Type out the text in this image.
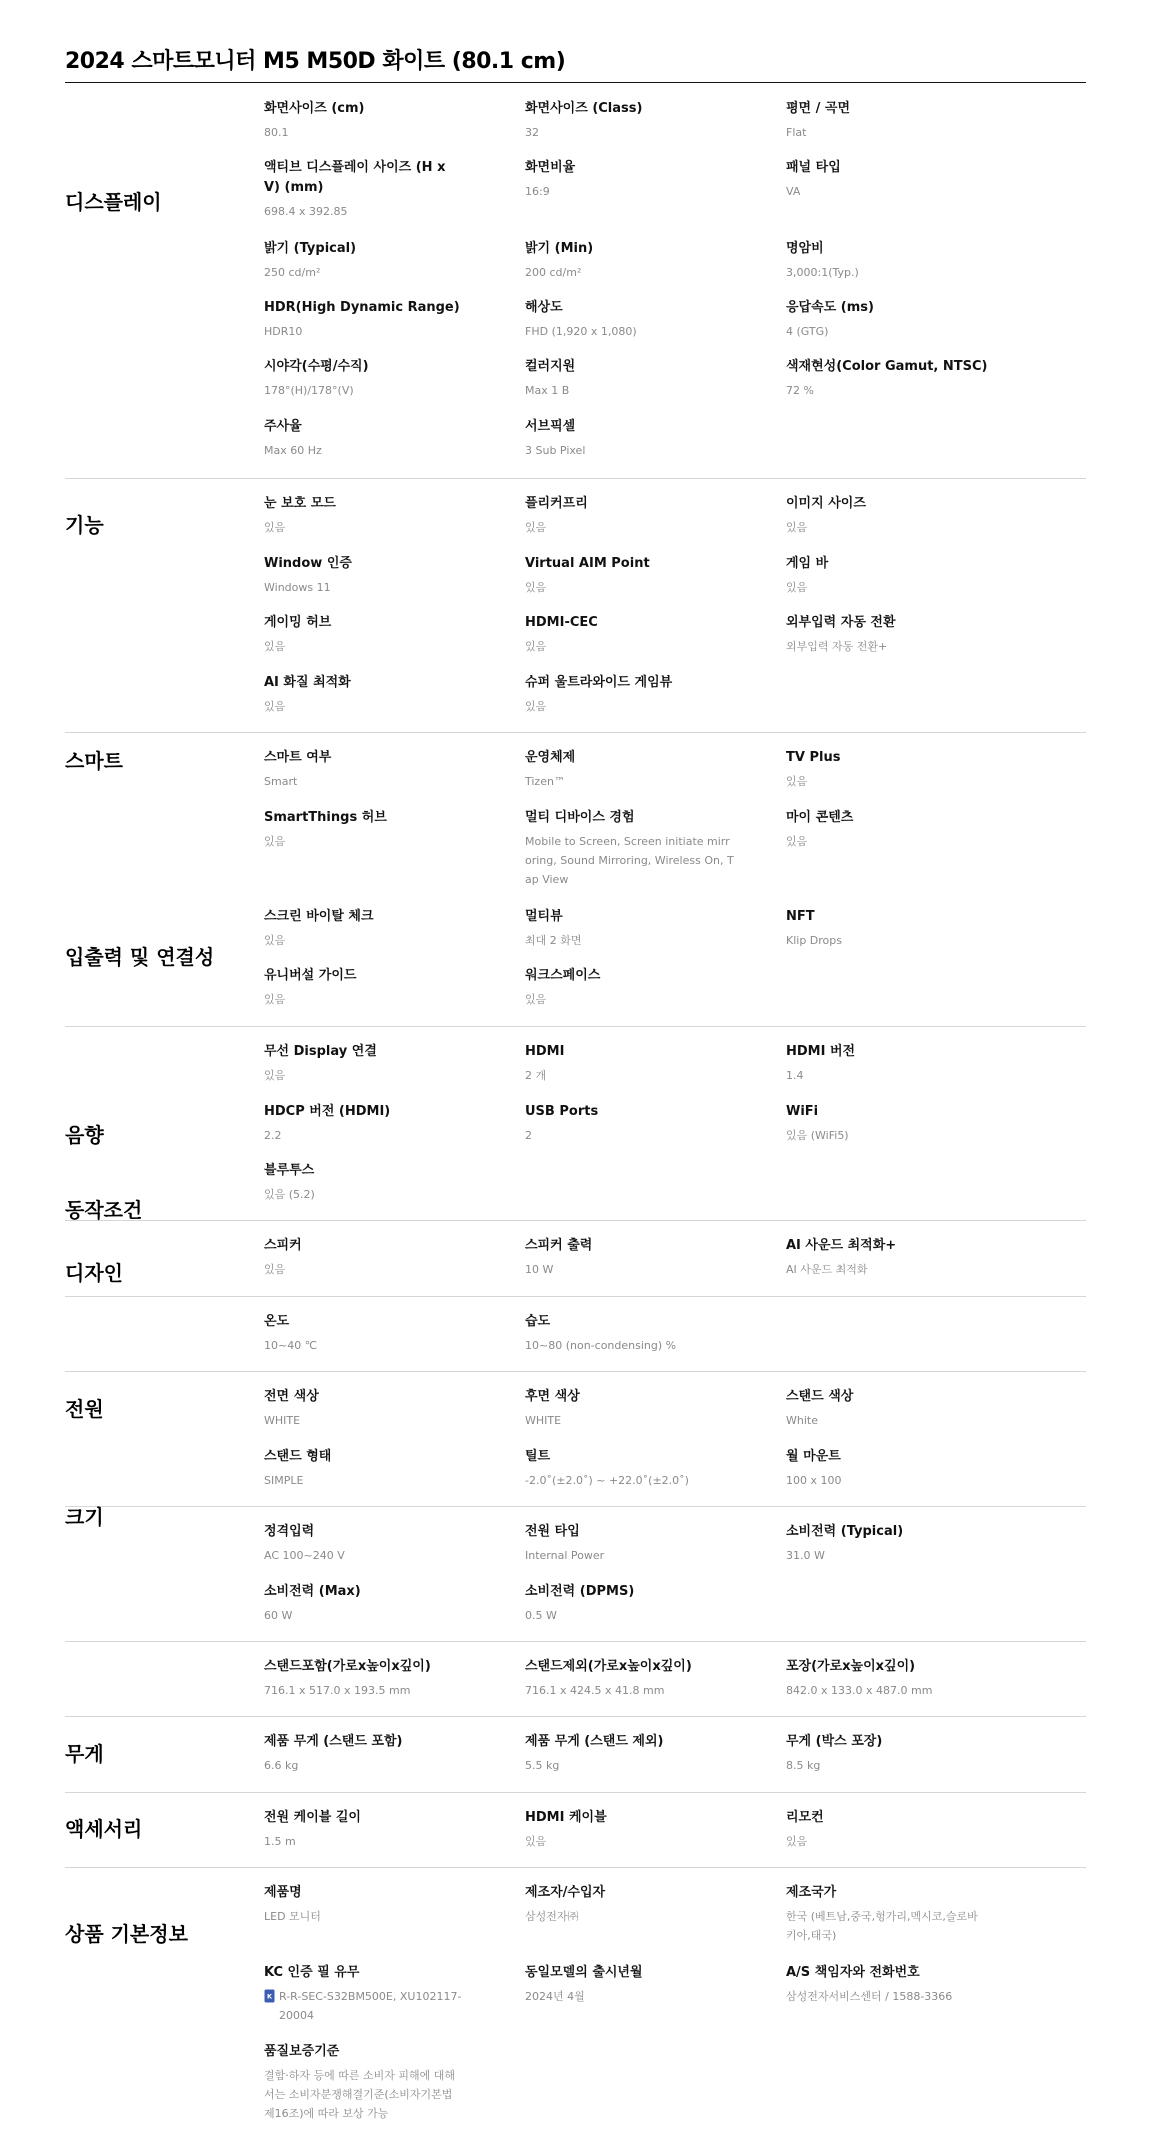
2024 스마트모니터 M5 M50D 화이트 (80.1 cm)
디스플레이
화면사이즈 (cm)
80.1
화면사이즈 (Class)
32
평면 / 곡면
Flat
액티브 디스플레이 사이즈 (H x V) (mm)
698.4 x 392.85
화면비율
16:9
패널 타입
VA
밝기 (Typical)
250 cd/m²
밝기 (Min)
200 cd/m²
명암비
3,000:1(Typ.)
HDR(High Dynamic Range)
HDR10
해상도
FHD (1,920 x 1,080)
응답속도 (ms)
4 (GTG)
시야각(수평/수직)
178°(H)/178°(V)
컬러지원
Max 1 B
색재현성(Color Gamut, NTSC)
72 %
주사율
Max 60 Hz
서브픽셀
3 Sub Pixel
기능
눈 보호 모드
있음
플리커프리
있음
이미지 사이즈
있음
Window 인증
Windows 11
Virtual AIM Point
있음
게임 바
있음
게이밍 허브
있음
HDMI-CEC
있음
외부입력 자동 전환
외부입력 자동 전환+
AI 화질 최적화
있음
슈퍼 울트라와이드 게임뷰
있음
스마트	스마트 여부
Smart
운영체제
Tizen™
TV Plus
있음
SmartThings 허브
있음
멀티 디바이스 경험
Mobile to Screen, Screen initiate mirroring, Sound Mirroring, Wireless On, Tap View
마이 콘텐츠
있음
스크린 바이탈 체크
있음
멀티뷰
최대 2 화면
NFT
Klip Drops
유니버설 가이드
있음
워크스페이스
있음
입출력 및 연결성
무선 Display 연결
있음
HDMI
2 개
HDMI 버전
1.4
HDCP 버전 (HDMI)
2.2
USB Ports
2
WiFi
있음 (WiFi5)
블루투스
있음 (5.2)
음향
스피커
있음
스피커 출력
10 W
AI 사운드 최적화+
AI 사운드 최적화
동작조건
온도
10~40 ℃
습도
10~80 (non-condensing) %
디자인
전면 색상
WHITE
후면 색상
WHITE
스탠드 색상
White
스탠드 형태
SIMPLE
틸트
-2.0˚(±2.0˚) ~ +22.0˚(±2.0˚)
월 마운트
100 x 100
전원
정격입력
AC 100~240 V
전원 타입
Internal Power
소비전력 (Typical)
31.0 W
소비전력 (Max)
60 W
소비전력 (DPMS)
0.5 W
크기
스탠드포함(가로x높이x깊이)
716.1 x 517.0 x 193.5 mm
스탠드제외(가로x높이x깊이)
716.1 x 424.5 x 41.8 mm
포장(가로x높이x깊이)
842.0 x 133.0 x 487.0 mm
무게
제품 무게 (스탠드 포함)
6.6 kg
제품 무게 (스탠드 제외)
5.5 kg
무게 (박스 포장)
8.5 kg
액세서리	전원 케이블 길이
1.5 m
HDMI 케이블
있음
리모컨
있음
상품 기본정보
제품명
LED 모니터
제조자/수입자
삼성전자㈜
제조국가
한국 (베트남,중국,헝가리,멕시코,슬로바키아,태국)
KC 인증 필 유무
K R-R-SEC-S32BM500E, XU102117-20004
동일모델의 출시년월
2024년 4월
A/S 책임자와 전화번호
삼성전자서비스센터 / 1588-3366
품질보증기준
결함·하자 등에 따른 소비자 피해에 대해서는 소비자분쟁해결기준(소비자기본법 제16조)에 따라 보상 가능
